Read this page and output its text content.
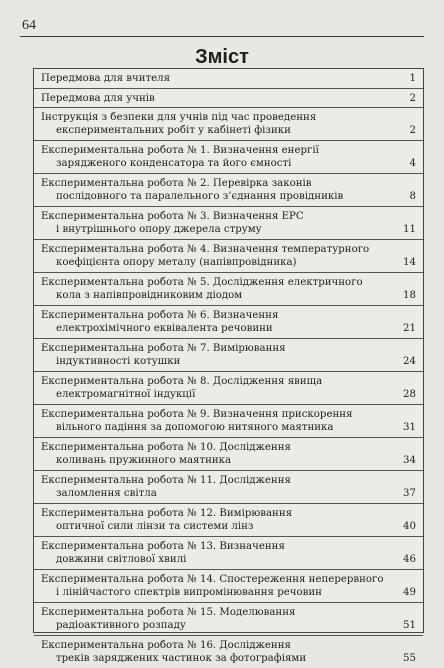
64
Зміст
Передмова для вчителя	1
Передмова для учнів	2
Інструкція з безпеки для учнів під час проведення
експериментальних робіт у кабінеті фізики	2
Експериментальна робота № 1. Визначення енергії
зарядженого конденсатора та його ємності	4
Експериментальна робота № 2. Перевірка законів
послідовного та паралельного з’єднання провідників	8
Експериментальна робота № 3. Визначення ЕРС
і внутрішнього опору джерела струму	11
Експериментальна робота № 4. Визначення температурного
коефіцієнта опору металу (напівпровідника)	14
Експериментальна робота № 5. Дослідження електричного
кола з напівпровідниковим діодом	18
Експериментальна робота № 6. Визначення
електрохімічного еквівалента речовини	21
Експериментальна робота № 7. Вимірювання
індуктивності котушки	24
Експериментальна робота № 8. Дослідження явища
електромагнітної індукції	28
Експериментальна робота № 9. Визначення прискорення
вільного падіння за допомогою нитяного маятника	31
Експериментальна робота № 10. Дослідження
коливань пружинного маятника	34
Експериментальна робота № 11. Дослідження
заломлення світла	37
Експериментальна робота № 12. Вимірювання
оптичної сили лінзи та системи лінз	40
Експериментальна робота № 13. Визначення
довжини світлової хвилі	46
Експериментальна робота № 14. Спостереження неперервного
і лінійчастого спектрів випромінювання речовин	49
Експериментальна робота № 15. Моделювання
радіоактивного розпаду	51
Експериментальна робота № 16. Дослідження
треків заряджених частинок за фотографіями	55
